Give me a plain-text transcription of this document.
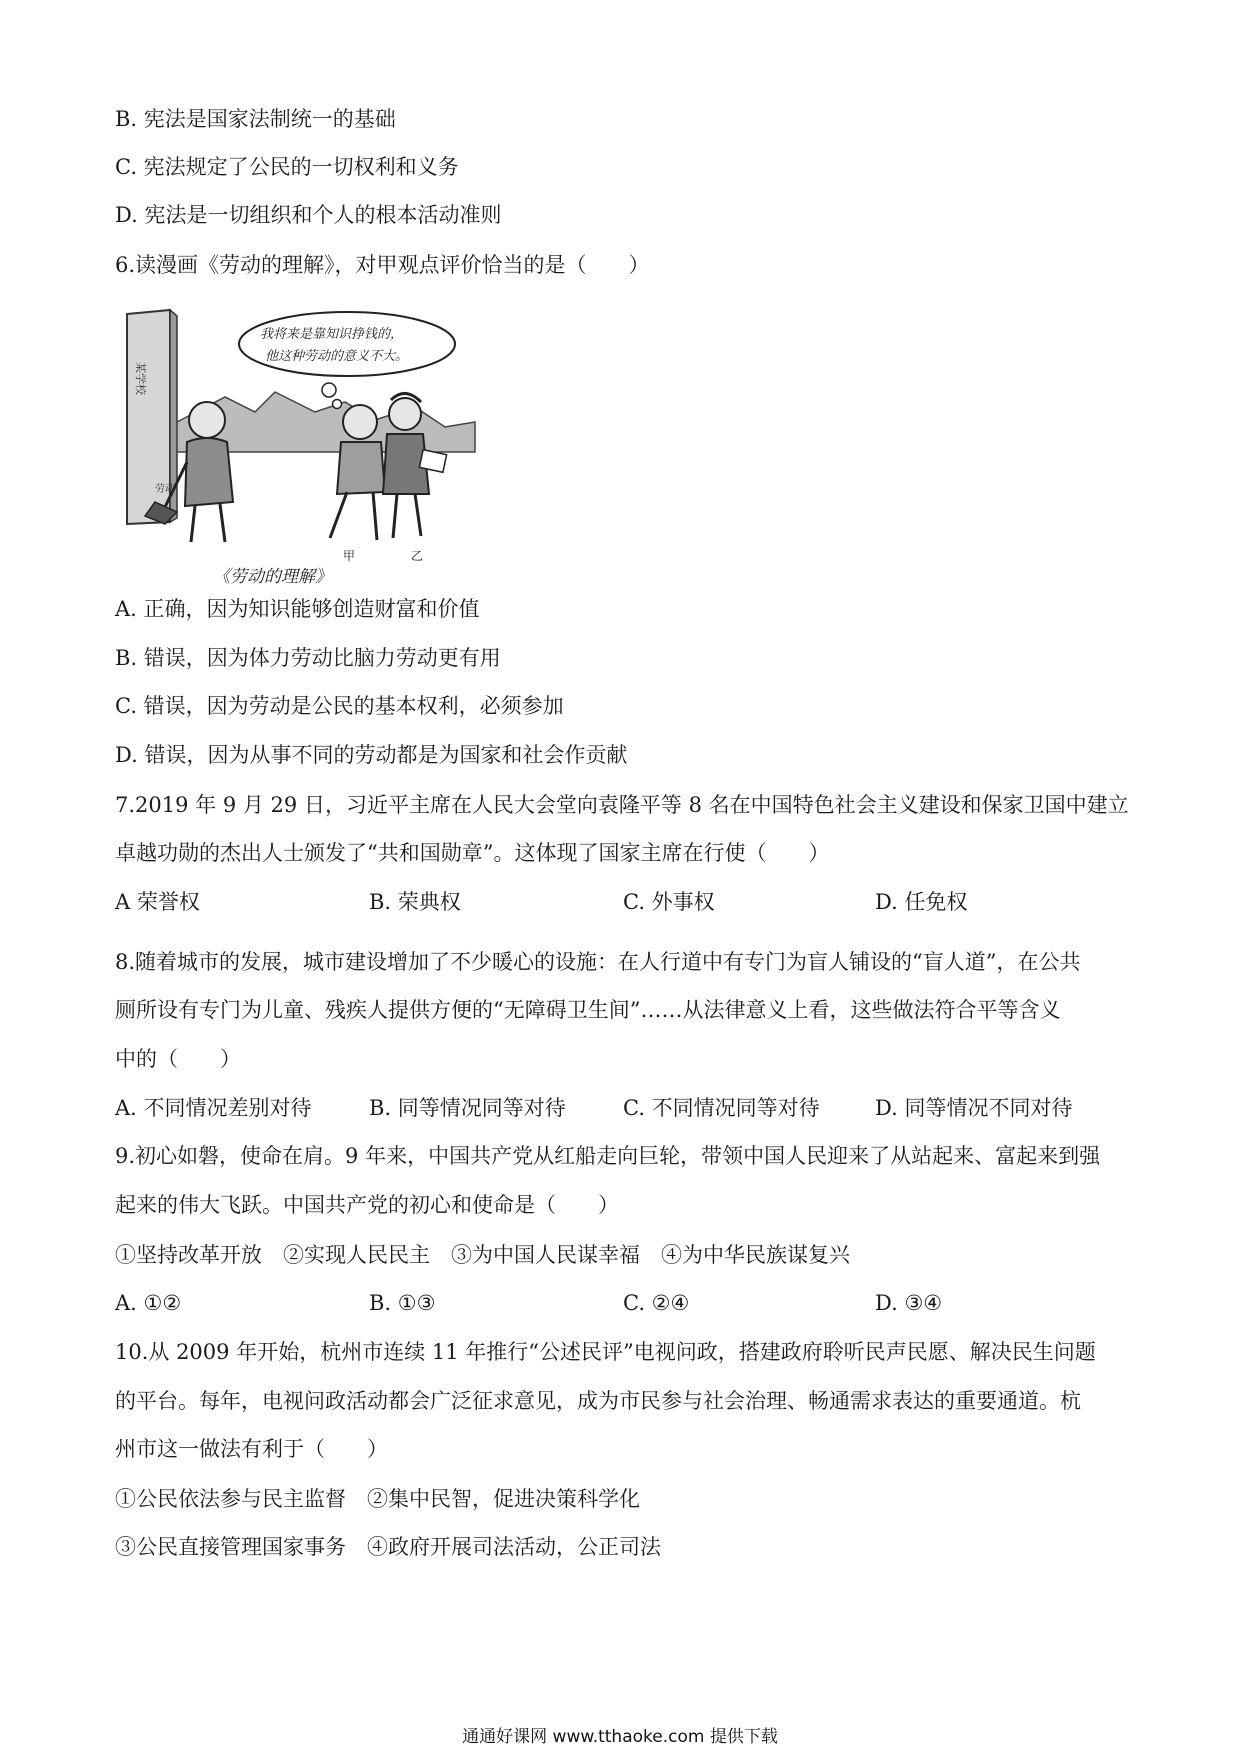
B. 宪法是国家法制统一的基础
C. 宪法规定了公民的一切权利和义务
D. 宪法是一切组织和个人的根本活动准则
6.读漫画《劳动的理解》，对甲观点评价恰当的是（　　）
某学校
我将来是靠知识挣钱的，
他这种劳动的意义不大。
劳动
甲	乙
《劳动的理解》
A. 正确，因为知识能够创造财富和价值
B. 错误，因为体力劳动比脑力劳动更有用
C. 错误，因为劳动是公民的基本权利，必须参加
D. 错误，因为从事不同的劳动都是为国家和社会作贡献
7.2019 年 9 月 29 日，习近平主席在人民大会堂向袁隆平等 8 名在中国特色社会主义建设和保家卫国中建立
卓越功勋的杰出人士颁发了“共和国勋章”。这体现了国家主席在行使（　　）
A 荣誉权	B. 荣典权	C. 外事权	D. 任免权
8.随着城市的发展，城市建设增加了不少暖心的设施：在人行道中有专门为盲人铺设的“盲人道”，在公共
厕所设有专门为儿童、残疾人提供方便的“无障碍卫生间”……从法律意义上看，这些做法符合平等含义
中的（　　）
A. 不同情况差别对待	B. 同等情况同等对待	C. 不同情况同等对待	D. 同等情况不同对待
9.初心如磐，使命在肩。9 年来，中国共产党从红船走向巨轮，带领中国人民迎来了从站起来、富起来到强
起来的伟大飞跃。中国共产党的初心和使命是（　　）
①坚持改革开放　②实现人民民主　③为中国人民谋幸福　④为中华民族谋复兴
A. ①②	B. ①③	C. ②④	D. ③④
10.从 2009 年开始，杭州市连续 11 年推行“公述民评”电视问政，搭建政府聆听民声民愿、解决民生问题
的平台。每年，电视问政活动都会广泛征求意见，成为市民参与社会治理、畅通需求表达的重要通道。杭
州市这一做法有利于（　　）
①公民依法参与民主监督　②集中民智，促进决策科学化
③公民直接管理国家事务　④政府开展司法活动，公正司法
通通好课网 www.tthaoke.com 提供下载
